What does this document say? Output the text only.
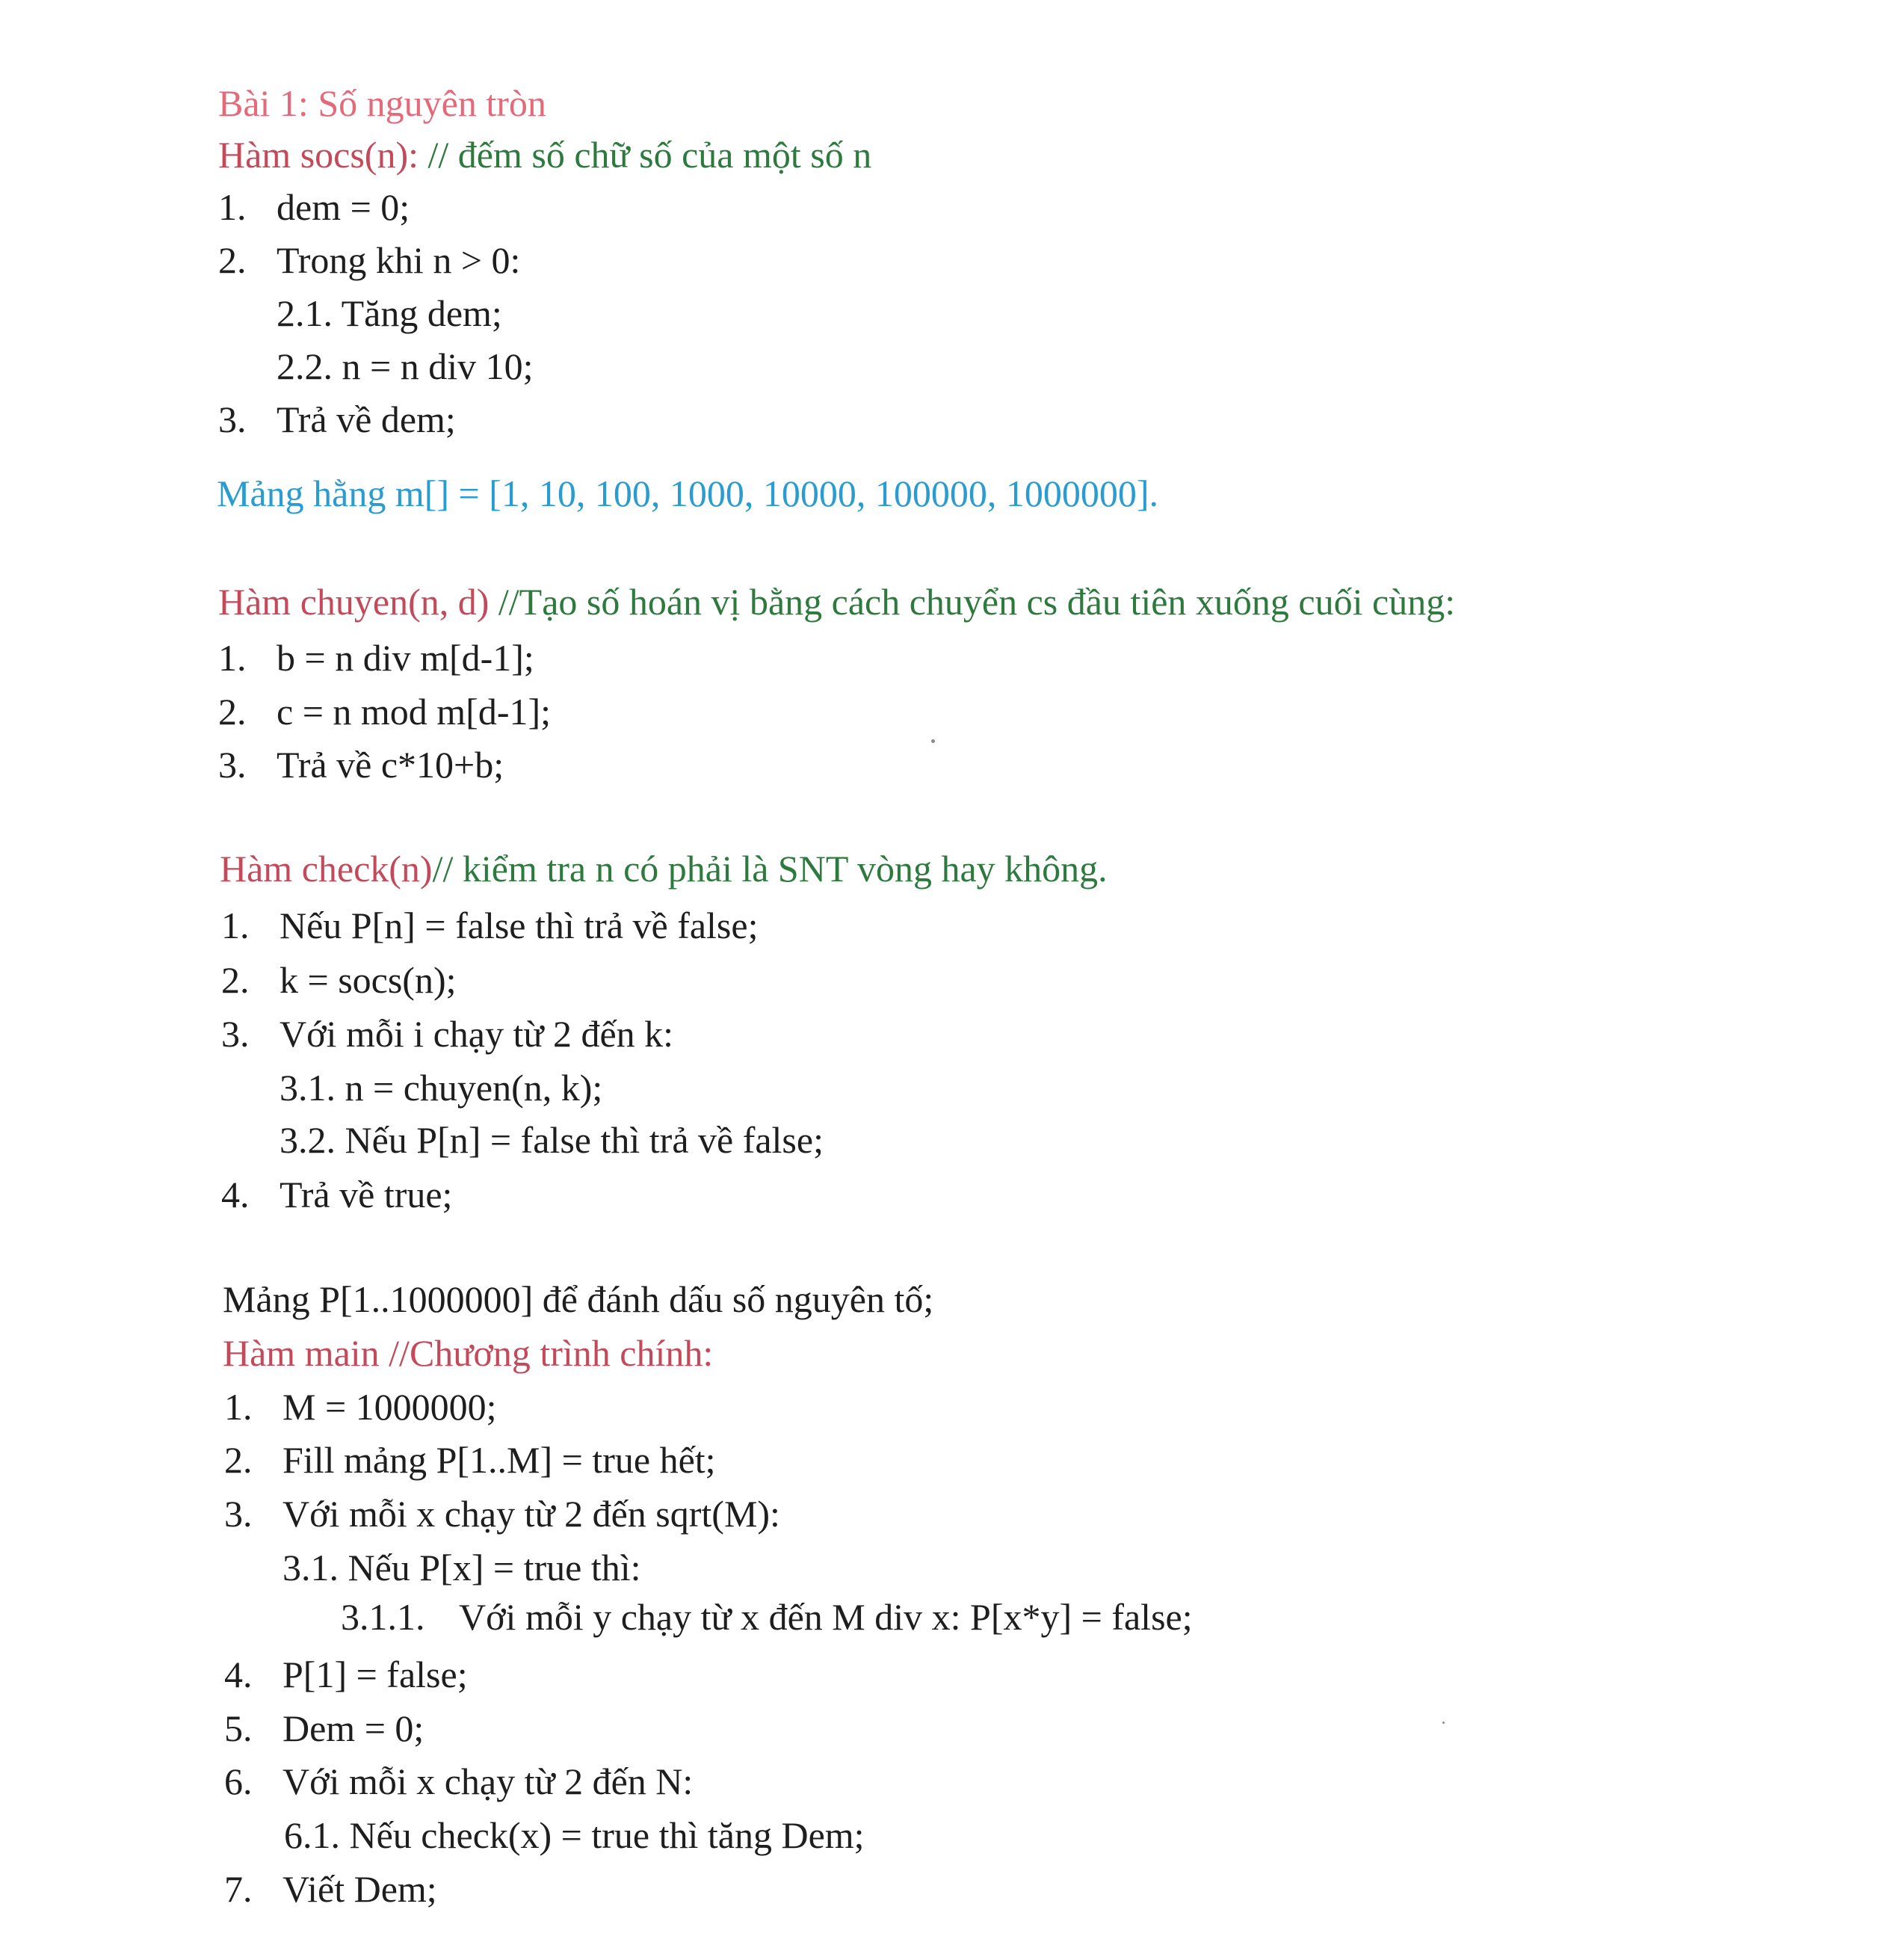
Bài 1: Số nguyên tròn
Hàm socs(n): // đếm số chữ số của một số n
1. dem = 0;
2. Trong khi n > 0:
2.1. Tăng dem;
2.2. n = n div 10;
3. Trả về dem;
Mảng hằng m[] = [1, 10, 100, 1000, 10000, 100000, 1000000].
Hàm chuyen(n, d) //Tạo số hoán vị bằng cách chuyển cs đầu tiên xuống cuối cùng:
1. b = n div m[d-1];
2. c = n mod m[d-1];
3. Trả về c*10+b;
Hàm check(n)// kiểm tra n có phải là SNT vòng hay không.
1. Nếu P[n] = false thì trả về false;
2. k = socs(n);
3. Với mỗi i chạy từ 2 đến k:
3.1. n = chuyen(n, k);
3.2. Nếu P[n] = false thì trả về false;
4. Trả về true;
Mảng P[1..1000000] để đánh dấu số nguyên tố;
Hàm main //Chương trình chính:
1. M = 1000000;
2. Fill mảng P[1..M] = true hết;
3. Với mỗi x chạy từ 2 đến sqrt(M):
3.1. Nếu P[x] = true thì:
3.1.1. Với mỗi y chạy từ x đến M div x: P[x*y] = false;
4. P[1] = false;
5. Dem = 0;
6. Với mỗi x chạy từ 2 đến N:
6.1. Nếu check(x) = true thì tăng Dem;
7. Viết Dem;
